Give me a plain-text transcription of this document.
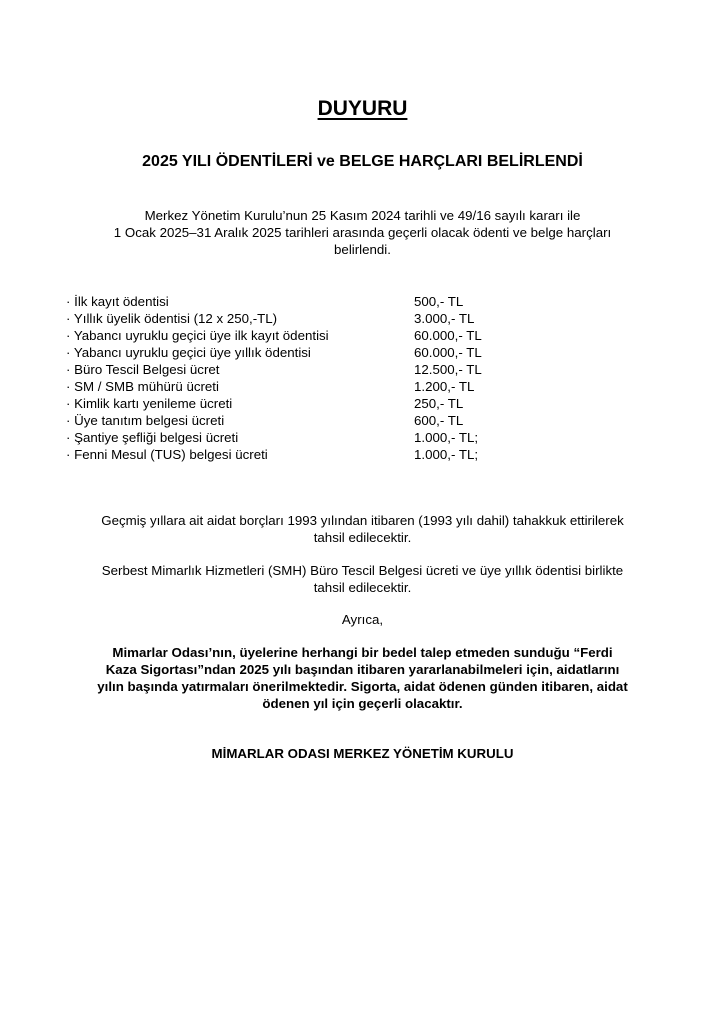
DUYURU
2025 YILI ÖDENTİLERİ ve BELGE HARÇLARI BELİRLENDİ
Merkez Yönetim Kurulu’nun 25 Kasım 2024 tarihli ve 49/16 sayılı kararı ile
1 Ocak 2025–31 Aralık 2025 tarihleri arasında geçerli olacak ödenti ve belge harçları
belirlendi.
· İlk kayıt ödentisi	500,- TL
· Yıllık üyelik ödentisi (12 x 250,-TL)	3.000,- TL
· Yabancı uyruklu geçici üye ilk kayıt ödentisi	60.000,- TL
· Yabancı uyruklu geçici üye yıllık ödentisi	60.000,- TL
· Büro Tescil Belgesi ücret	12.500,- TL
· SM / SMB mühürü ücreti	1.200,- TL
· Kimlik kartı yenileme ücreti	250,- TL
· Üye tanıtım belgesi ücreti	600,- TL
· Şantiye şefliği belgesi ücreti	1.000,- TL;
· Fenni Mesul (TUS) belgesi ücreti	1.000,- TL;
Geçmiş yıllara ait aidat borçları 1993 yılından itibaren (1993 yılı dahil) tahakkuk ettirilerek
tahsil edilecektir.
Serbest Mimarlık Hizmetleri (SMH) Büro Tescil Belgesi ücreti ve üye yıllık ödentisi birlikte
tahsil edilecektir.
Ayrıca,
Mimarlar Odası’nın, üyelerine herhangi bir bedel talep etmeden sunduğu “Ferdi
Kaza Sigortası”ndan 2025 yılı başından itibaren yararlanabilmeleri için, aidatlarını
yılın başında yatırmaları önerilmektedir. Sigorta, aidat ödenen günden itibaren, aidat
ödenen yıl için geçerli olacaktır.
MİMARLAR ODASI MERKEZ YÖNETİM KURULU
